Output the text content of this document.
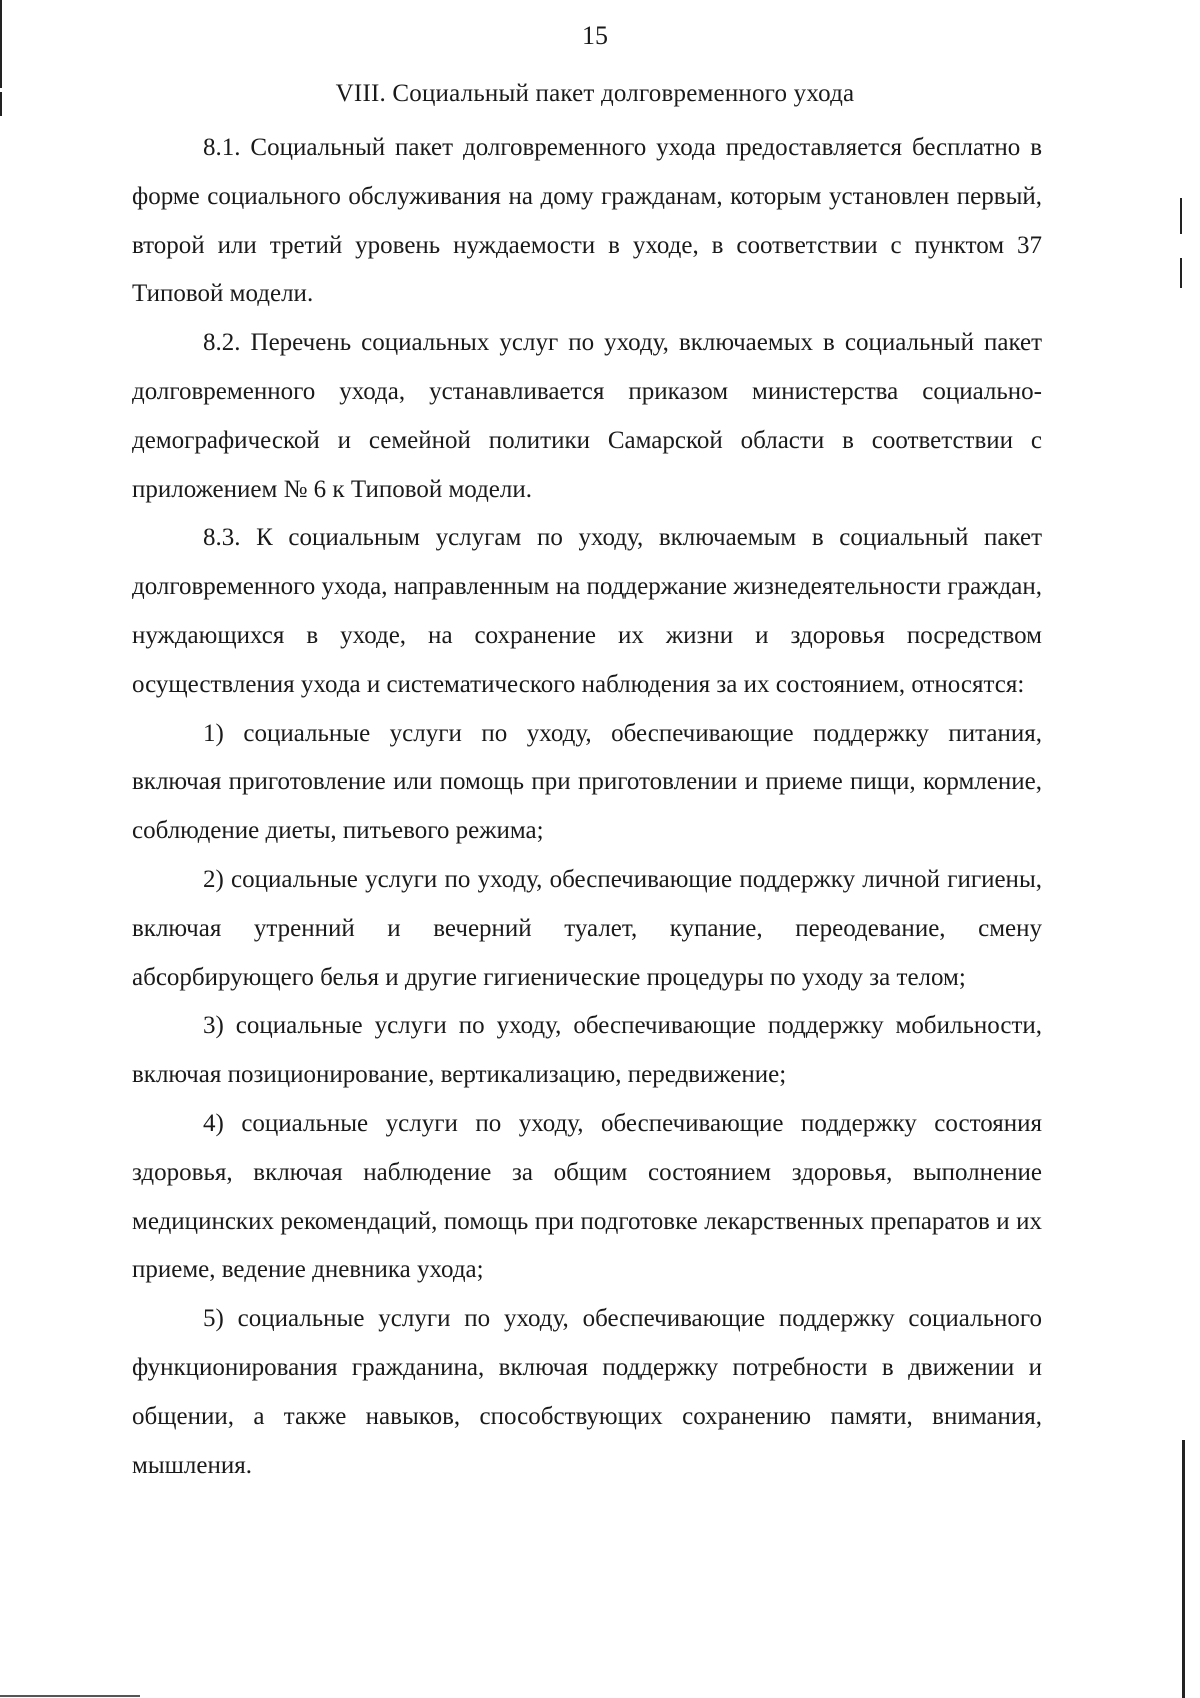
15
VIII. Социальный пакет долговременного ухода

8.1. Социальный пакет долговременного ухода предоставляется бесплатно в форме социального обслуживания на дому гражданам, которым установлен первый, второй или третий уровень нуждаемости в уходе, в соответствии с пунктом 37 Типовой модели.

8.2. Перечень социальных услуг по уходу, включаемых в социальный пакет долговременного ухода, устанавливается приказом министерства социально-демографической и семейной политики Самарской области в соответствии с приложением № 6 к Типовой модели.

8.3. К социальным услугам по уходу, включаемым в социальный пакет долговременного ухода, направленным на поддержание жизнедеятельности граждан, нуждающихся в уходе, на сохранение их жизни и здоровья посредством осуществления ухода и систематического наблюдения за их состоянием, относятся:

1) социальные услуги по уходу, обеспечивающие поддержку питания, включая приготовление или помощь при приготовлении и приеме пищи, кормление, соблюдение диеты, питьевого режима;

2) социальные услуги по уходу, обеспечивающие поддержку личной гигиены, включая утренний и вечерний туалет, купание, переодевание, смену абсорбирующего белья и другие гигиенические процедуры по уходу за телом;

3) социальные услуги по уходу, обеспечивающие поддержку мобильности, включая позиционирование, вертикализацию, передвижение;

4) социальные услуги по уходу, обеспечивающие поддержку состояния здоровья, включая наблюдение за общим состоянием здоровья, выполнение медицинских рекомендаций, помощь при подготовке лекарственных препаратов и их приеме, ведение дневника ухода;

5) социальные услуги по уходу, обеспечивающие поддержку социального функционирования гражданина, включая поддержку потребности в движении и общении, а также навыков, способствующих сохранению памяти, внимания, мышления.
